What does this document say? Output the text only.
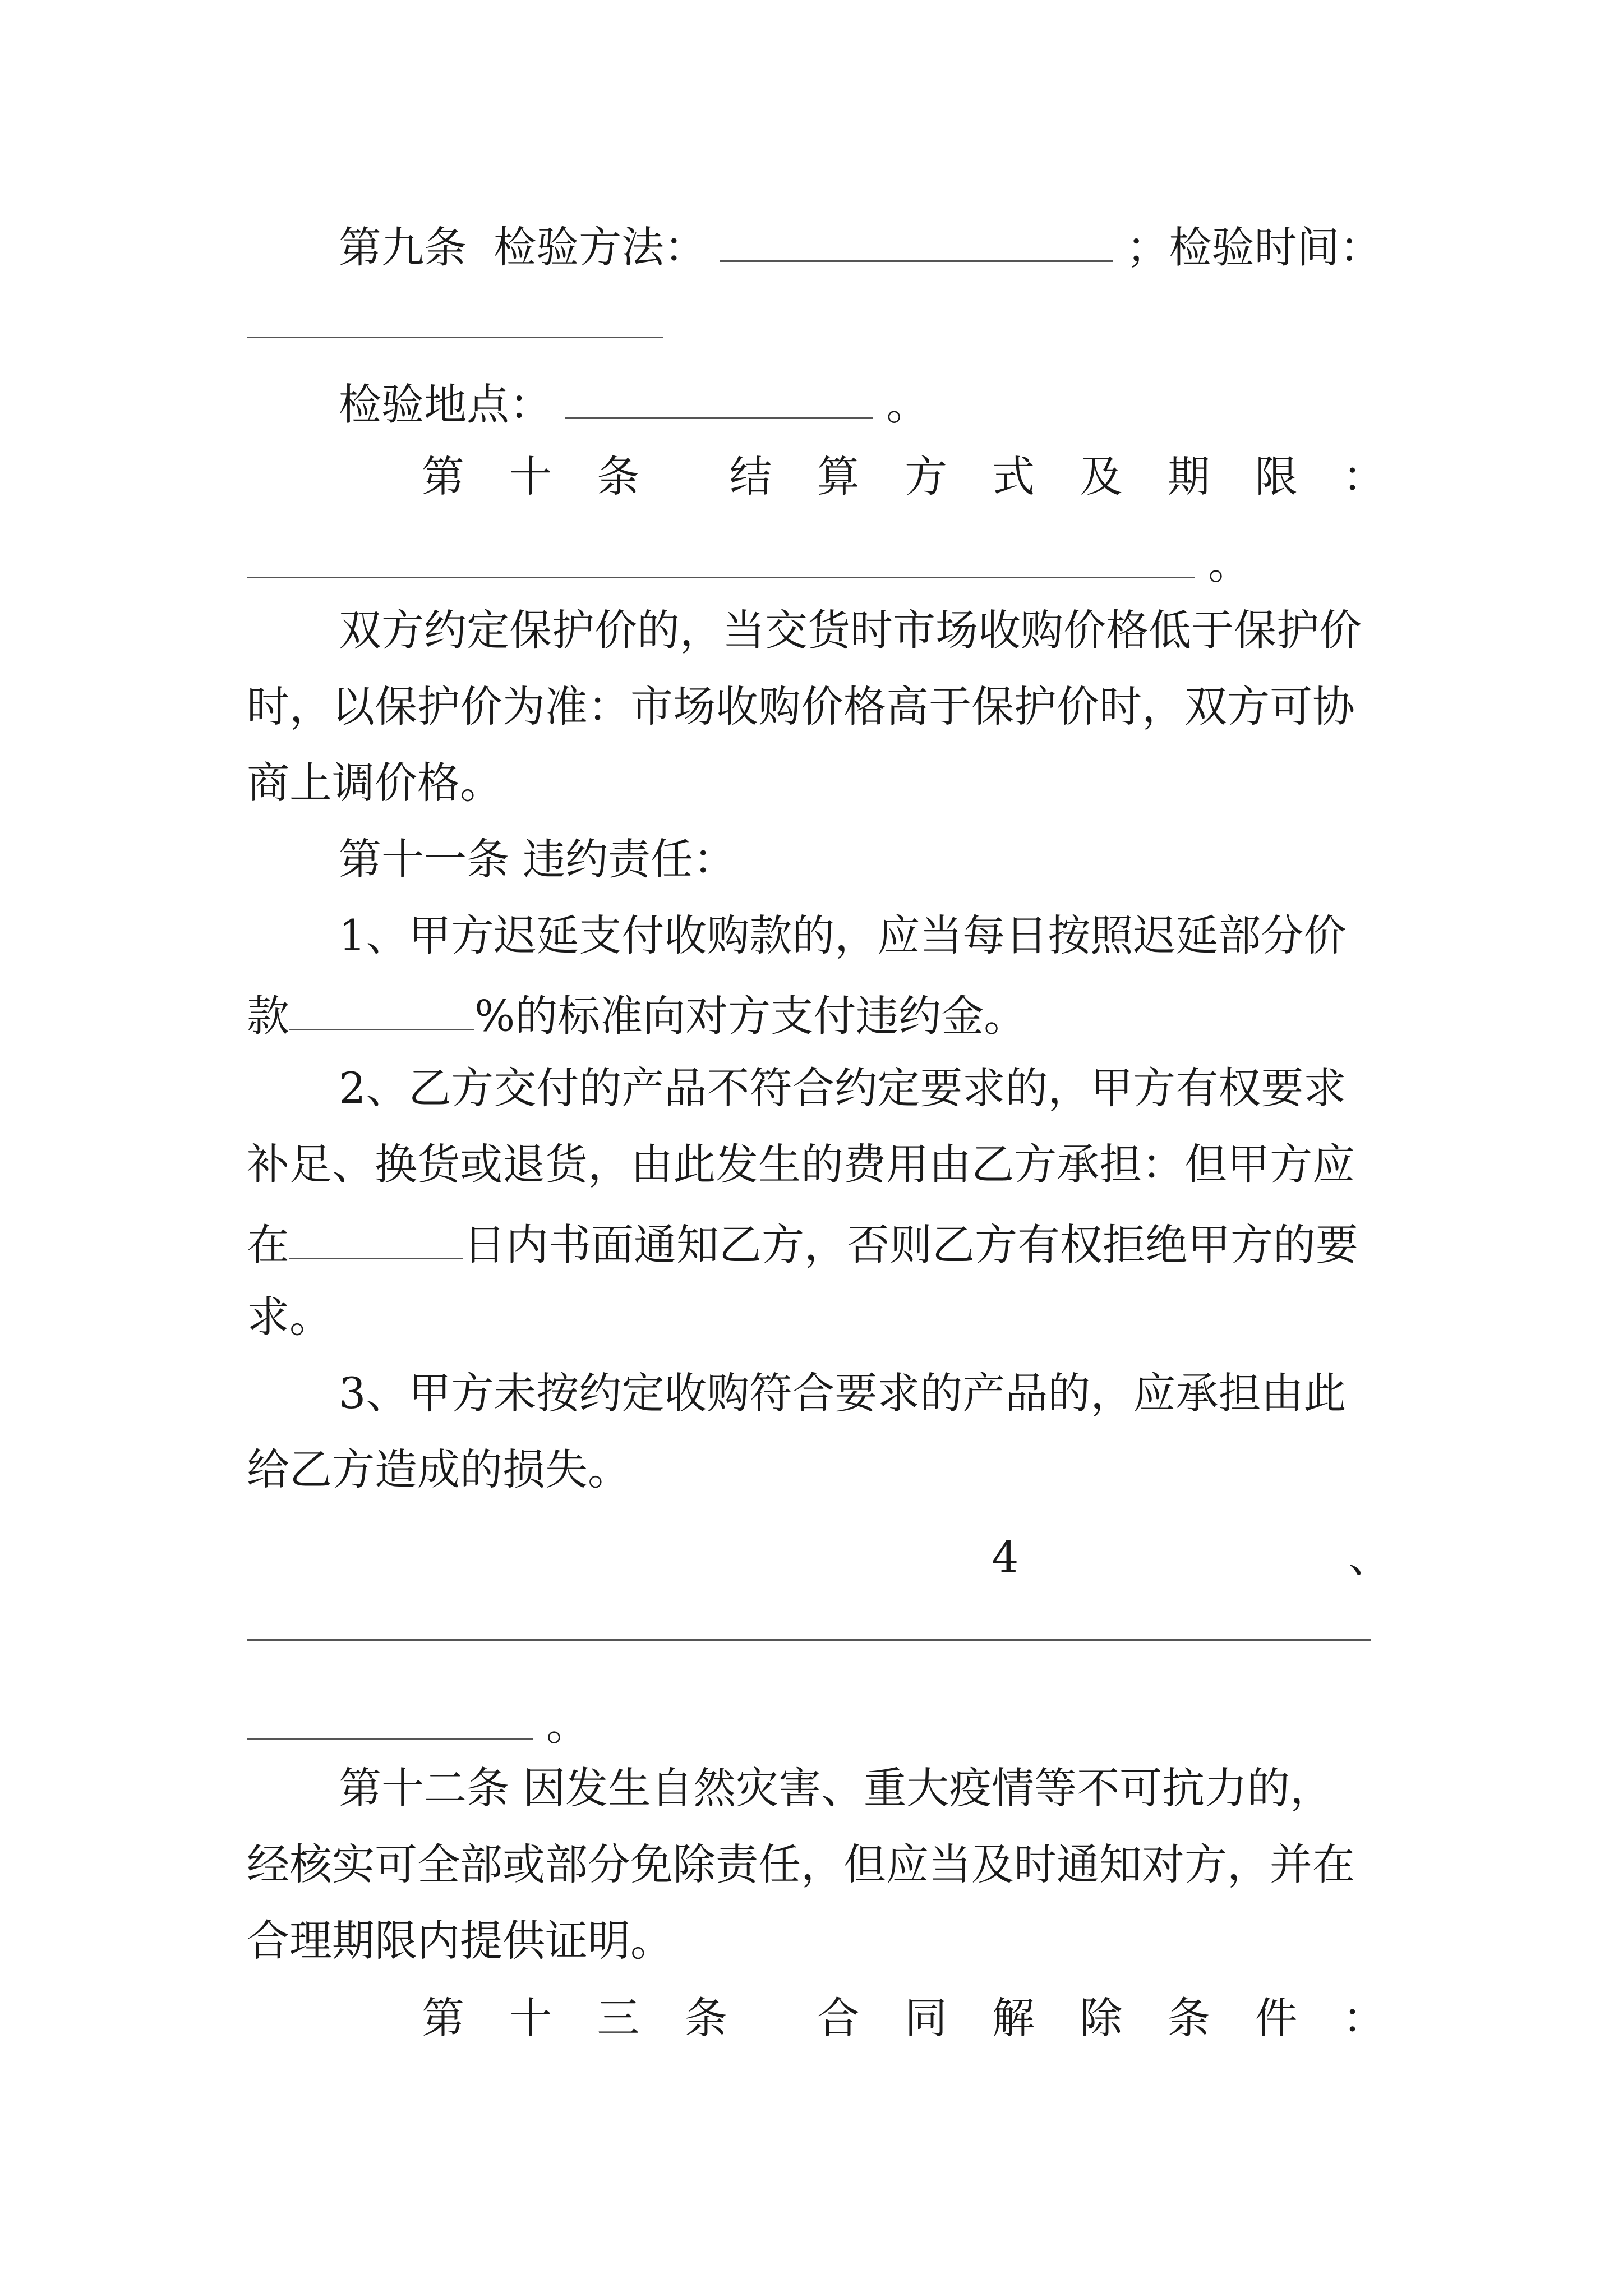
第九条 检验方法：	；检验时间：
检验地点：	。
第 十 条 结 算 方 式 及 期 限 ：
。
双方约定保护价的，当交货时市场收购价格低于保护价
时，以保护价为准：市场收购价格高于保护价时，双方可协
商上调价格。
第十一条 违约责任：
1、甲方迟延支付收购款的，应当每日按照迟延部分价
款	%的标准向对方支付违约金。
2、乙方交付的产品不符合约定要求的，甲方有权要求
补足、换货或退货，由此发生的费用由乙方承担：但甲方应
在	日内书面通知乙方，否则乙方有权拒绝甲方的要
求。
3、甲方未按约定收购符合要求的产品的，应承担由此
给乙方造成的损失。
4	、
。
第十二条 因发生自然灾害、重大疫情等不可抗力的，
经核实可全部或部分免除责任，但应当及时通知对方，并在
合理期限内提供证明。
第 十 三 条 合 同 解 除 条 件 ：
